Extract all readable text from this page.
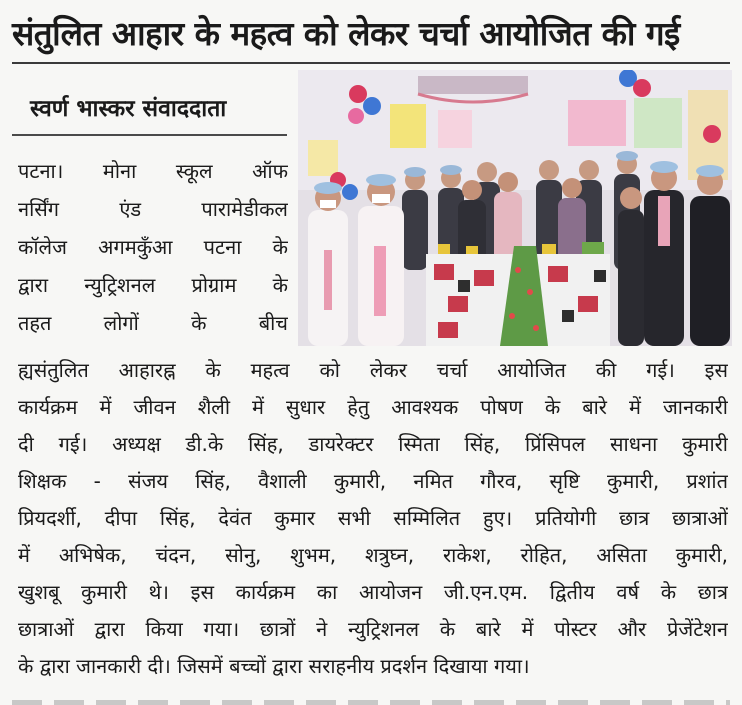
संतुलित आहार के महत्व को लेकर चर्चा आयोजित की गई
स्वर्ण भास्कर संवाददाता
पटना। मोना स्कूल ऑफ
नर्सिंग एंड पारामेडीकल
कॉलेज अगमकुँआ पटना के
द्वारा न्युट्रिशनल प्रोग्राम के
तहत लोगों के बीच
ह्यसंतुलित आहारह्न के महत्व को लेकर चर्चा आयोजित की गई। इस
कार्यक्रम में जीवन शैली में सुधार हेतु आवश्यक पोषण के बारे में जानकारी
दी गई। अध्यक्ष डी.के सिंह, डायरेक्टर स्मिता सिंह, प्रिंसिपल साधना कुमारी
शिक्षक - संजय सिंह, वैशाली कुमारी, नमित गौरव, सृष्टि कुमारी, प्रशांत
प्रियदर्शी, दीपा सिंह, देवंत कुमार सभी सम्मिलित हुए। प्रतियोगी छात्र छात्राओं
में अभिषेक, चंदन, सोनु, शुभम, शत्रुघ्न, राकेश, रोहित, असिता कुमारी,
खुशबू कुमारी थे। इस कार्यक्रम का आयोजन जी.एन.एम. द्वितीय वर्ष के छात्र
छात्राओं द्वारा किया गया। छात्रों ने न्युट्रिशनल के बारे में पोस्टर और प्रेजेंटेशन
के द्वारा जानकारी दी। जिसमें बच्चों द्वारा सराहनीय प्रदर्शन दिखाया गया।
